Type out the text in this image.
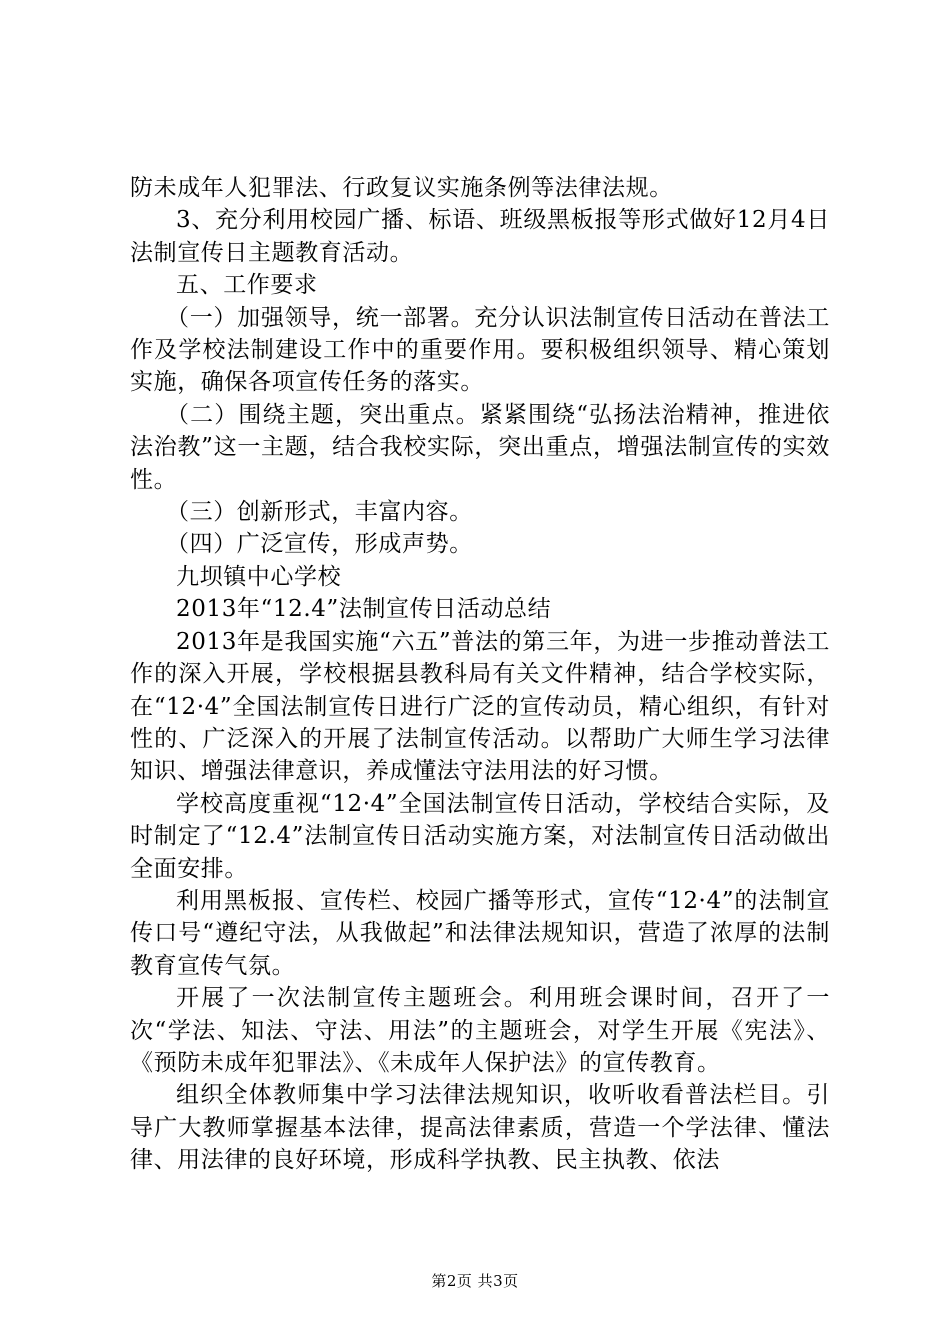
防未成年人犯罪法、行政复议实施条例等法律法规。

3、充分利用校园广播、标语、班级黑板报等形式做好12月4日法制宣传日主题教育活动。

五、工作要求

（一）加强领导，统一部署。充分认识法制宣传日活动在普法工作及学校法制建设工作中的重要作用。要积极组织领导、精心策划实施，确保各项宣传任务的落实。

（二）围绕主题，突出重点。紧紧围绕“弘扬法治精神，推进依法治教”这一主题，结合我校实际，突出重点，增强法制宣传的实效性。

（三）创新形式，丰富内容。

（四）广泛宣传，形成声势。

九坝镇中心学校

2013年“12.4”法制宣传日活动总结

2013年是我国实施“六五”普法的第三年，为进一步推动普法工作的深入开展，学校根据县教科局有关文件精神，结合学校实际，在“12·4”全国法制宣传日进行广泛的宣传动员，精心组织，有针对性的、广泛深入的开展了法制宣传活动。以帮助广大师生学习法律知识、增强法律意识，养成懂法守法用法的好习惯。

学校高度重视“12·4”全国法制宣传日活动，学校结合实际，及时制定了“12.4”法制宣传日活动实施方案，对法制宣传日活动做出全面安排。

利用黑板报、宣传栏、校园广播等形式，宣传“12·4”的法制宣传口号“遵纪守法，从我做起”和法律法规知识，营造了浓厚的法制教育宣传气氛。

开展了一次法制宣传主题班会。利用班会课时间，召开了一次“学法、知法、守法、用法”的主题班会，对学生开展《宪法》、《预防未成年犯罪法》、《未成年人保护法》的宣传教育。

组织全体教师集中学习法律法规知识，收听收看普法栏目。引导广大教师掌握基本法律，提高法律素质，营造一个学法律、懂法律、用法律的良好环境，形成科学执教、民主执教、依法

第2页 共3页
